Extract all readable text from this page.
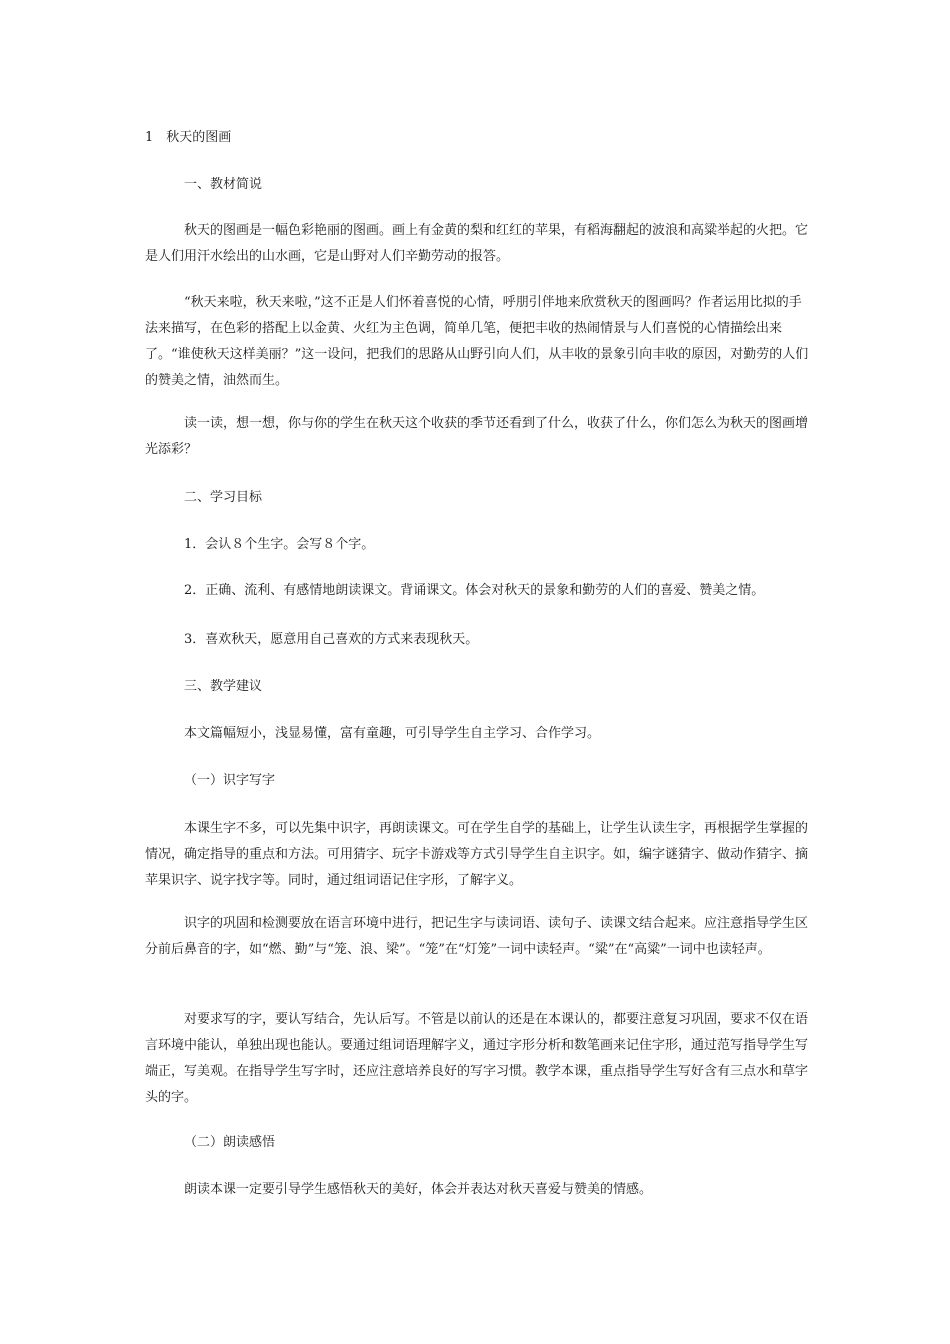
1　秋天的图画

一、教材简说

秋天的图画是一幅色彩艳丽的图画。画上有金黄的梨和红红的苹果，有稻海翻起的波浪和高粱举起的火把。它是人们用汗水绘出的山水画，它是山野对人们辛勤劳动的报答。

“秋天来啦，秋天来啦，”这不正是人们怀着喜悦的心情，呼朋引伴地来欣赏秋天的图画吗？作者运用比拟的手法来描写，在色彩的搭配上以金黄、火红为主色调，简单几笔，便把丰收的热闹情景与人们喜悦的心情描绘出来了。“谁使秋天这样美丽？”这一设问，把我们的思路从山野引向人们，从丰收的景象引向丰收的原因，对勤劳的人们的赞美之情，油然而生。

读一读，想一想，你与你的学生在秋天这个收获的季节还看到了什么，收获了什么，你们怎么为秋天的图画增光添彩？

二、学习目标

1．会认８个生字。会写８个字。

2．正确、流利、有感情地朗读课文。背诵课文。体会对秋天的景象和勤劳的人们的喜爱、赞美之情。

3．喜欢秋天，愿意用自己喜欢的方式来表现秋天。

三、教学建议

本文篇幅短小，浅显易懂，富有童趣，可引导学生自主学习、合作学习。

（一）识字写字

本课生字不多，可以先集中识字，再朗读课文。可在学生自学的基础上，让学生认读生字，再根据学生掌握的情况，确定指导的重点和方法。可用猜字、玩字卡游戏等方式引导学生自主识字。如，编字谜猜字、做动作猜字、摘苹果识字、说字找字等。同时，通过组词语记住字形，了解字义。

识字的巩固和检测要放在语言环境中进行，把记生字与读词语、读句子、读课文结合起来。应注意指导学生区分前后鼻音的字，如“燃、勤”与“笼、浪、梁”。“笼”在“灯笼”一词中读轻声。“粱”在“高粱”一词中也读轻声。

对要求写的字，要认写结合，先认后写。不管是以前认的还是在本课认的，都要注意复习巩固，要求不仅在语言环境中能认，单独出现也能认。要通过组词语理解字义，通过字形分析和数笔画来记住字形，通过范写指导学生写端正，写美观。在指导学生写字时，还应注意培养良好的写字习惯。教学本课，重点指导学生写好含有三点水和草字头的字。

（二）朗读感悟

朗读本课一定要引导学生感悟秋天的美好，体会并表达对秋天喜爱与赞美的情感。
